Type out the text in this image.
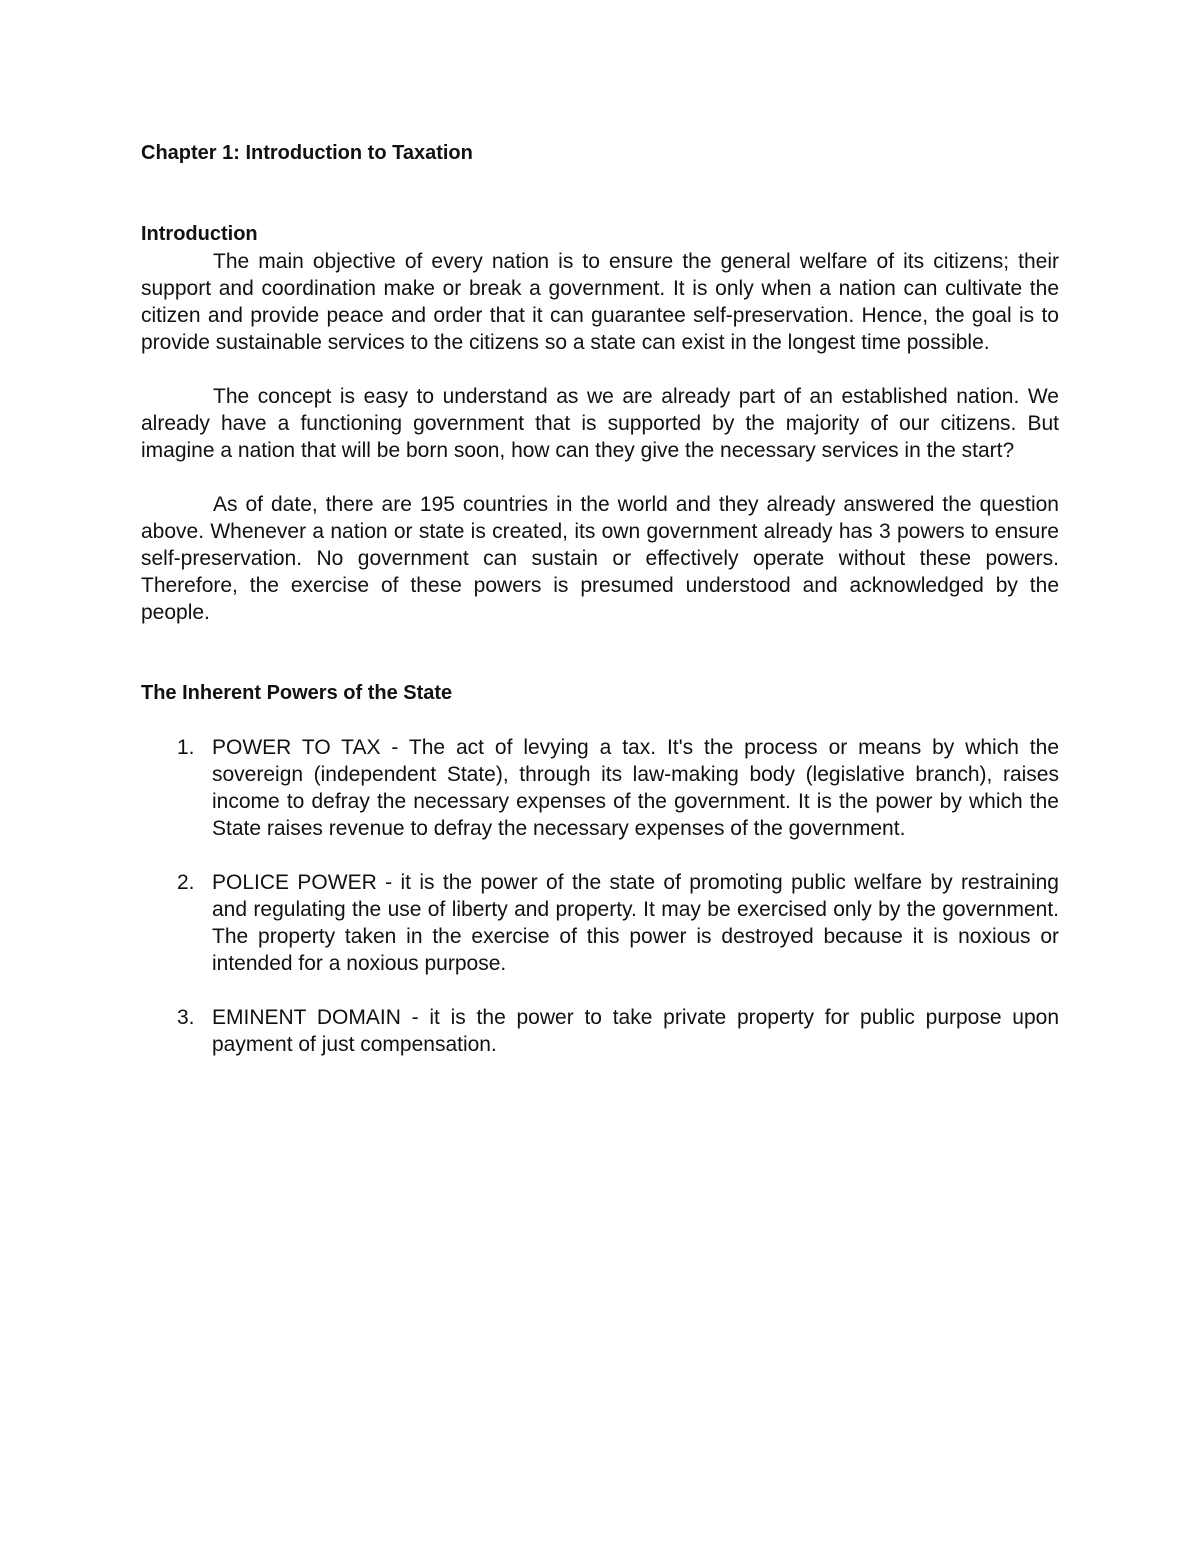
Chapter 1: Introduction to Taxation
Introduction

The main objective of every nation is to ensure the general welfare of its citizens; their support and coordination make or break a government. It is only when a nation can cultivate the citizen and provide peace and order that it can guarantee self-preservation. Hence, the goal is to provide sustainable services to the citizens so a state can exist in the longest time possible.

The concept is easy to understand as we are already part of an established nation. We already have a functioning government that is supported by the majority of our citizens. But imagine a nation that will be born soon, how can they give the necessary services in the start?

As of date, there are 195 countries in the world and they already answered the question above. Whenever a nation or state is created, its own government already has 3 powers to ensure self-preservation. No government can sustain or effectively operate without these powers. Therefore, the exercise of these powers is presumed understood and acknowledged by the people.

The Inherent Powers of the State
1. POWER TO TAX - The act of levying a tax. It's the process or means by which the sovereign (independent State), through its law-making body (legislative branch), raises income to defray the necessary expenses of the government. It is the power by which the State raises revenue to defray the necessary expenses of the government.
2. POLICE POWER - it is the power of the state of promoting public welfare by restraining and regulating the use of liberty and property. It may be exercised only by the government. The property taken in the exercise of this power is destroyed because it is noxious or intended for a noxious purpose.
3. EMINENT DOMAIN - it is the power to take private property for public purpose upon payment of just compensation.
